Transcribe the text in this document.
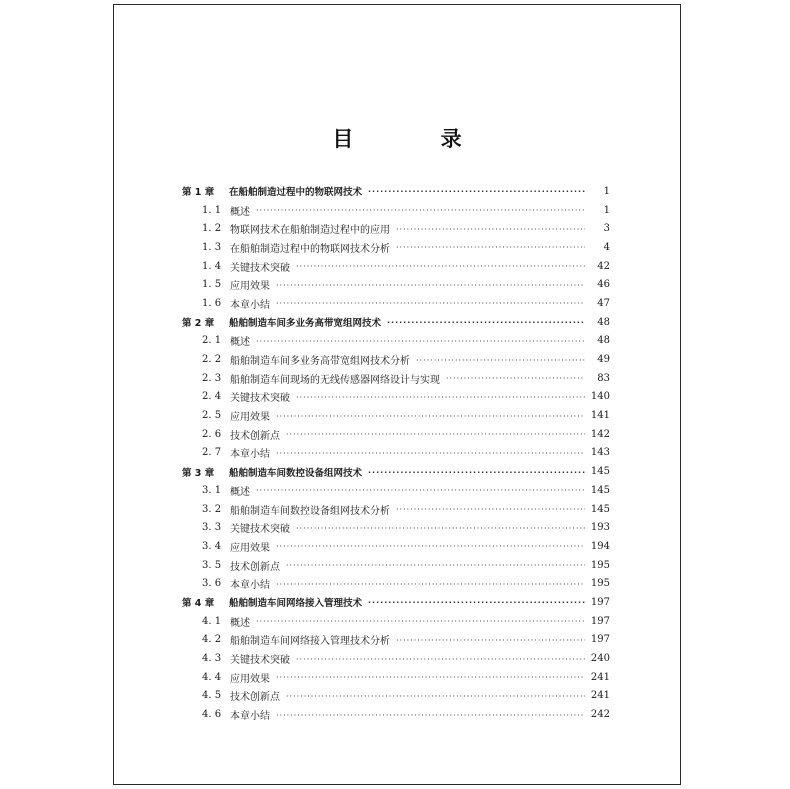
目 录
第 1 章	在船舶制造过程中的物联网技术 ·····	1
1. 1 概述 ·····	1
1. 2 物联网技术在船舶制造过程中的应用 ·····	3
1. 3 在船舶制造过程中的物联网技术分析 ·····	4
1. 4 关键技术突破 ·····	42
1. 5 应用效果 ·····	46
1. 6 本章小结 ·····	47
第 2 章	船舶制造车间多业务高带宽组网技术 ·····	48
2. 1 概述 ·····	48
2. 2 船舶制造车间多业务高带宽组网技术分析 ·····	49
2. 3 船舶制造车间现场的无线传感器网络设计与实现 ·····	83
2. 4 关键技术突破 ·····	140
2. 5 应用效果 ·····	141
2. 6 技术创新点 ·····	142
2. 7 本章小结 ·····	143
第 3 章	船舶制造车间数控设备组网技术 ·····	145
3. 1 概述 ·····	145
3. 2 船舶制造车间数控设备组网技术分析 ·····	145
3. 3 关键技术突破 ·····	193
3. 4 应用效果 ·····	194
3. 5 技术创新点 ·····	195
3. 6 本章小结 ·····	195
第 4 章	船舶制造车间网络接入管理技术 ·····	197
4. 1 概述 ·····	197
4. 2 船舶制造车间网络接入管理技术分析 ·····	197
4. 3 关键技术突破 ·····	240
4. 4 应用效果 ·····	241
4. 5 技术创新点 ·····	241
4. 6 本章小结 ·····	242
